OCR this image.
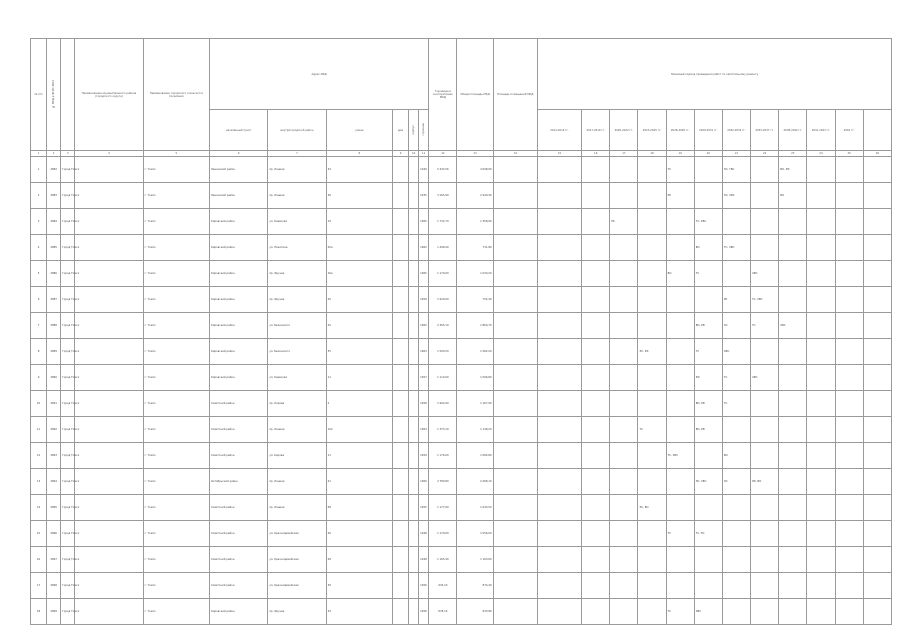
№ п/п	№ МКД в ФГИС ЖКХ		Наименование муниципального района (городского округа)	Наименование городского (сельского) поселения	Адрес МКД						Год ввода в эксплуатацию МКД	Общая площадь МКД	Площадь помещений МКД	Плановый период проведения работ по капитальному ремонту											
					населённый пункт	внутригородской район	улица	дом	корпус	строение				2014-2016 гг.	2017-2019 гг.	2020-2022 гг.	2023-2025 гг.	2026-2028 гг.	2029-2031 гг.	2032-2034 гг.	2035-2037 гг.	2038-2040 гг.	2041-2043 гг.	2044 гг.	
1	2	3	4	5	6	7	8	9	10	11	12	13	14	15	16	17	18	19	20	21	22	23	24	25	26
1	2882	Город Томск		г. Томск	Ленинский район	пр. Ленина	34			1940	5 432,56	4 098,90						ТС		ЭС, ГВС		ВО, РФ			
2	2883	Город Томск		г. Томск	Ленинский район	пр. Ленина	36			1935	3 165,90	2 940,40						РК		ЭС, ХВС		ВО			
3	2884	Город Томск		г. Томск	Кировский район	ул. Киевская	19			1965	1 732,70	1 358,90				РК			ТС, ХВС						
4	2885	Город Томск		г. Томск	Кировский район	ул. Никитина	20а			1962	1 498,40	731,80							ВО	ТС, ХВС					
5	2886	Город Томск		г. Томск	Кировский район	пр. Фрунзе	16а			1965	1 170,00	1 030,20						ВО	ТС		ХВС				
6	2887	Город Томск		г. Томск	Кировский район	пр. Фрунзе	20			1959	1 920,00	752,40								РК	ТС, ХВС				
7	2888	Город Томск		г. Томск	Кировский район	ул. Белинского	25			1962	2 365,10	1 860,70							ВО, РФ	ЭС	ТС	ХВС			
8	2889	Город Томск		г. Томск	Кировский район	ул. Белинского	35			1963	1 500,50	1 282,20					ЭС, РФ		ТС	ХВС					
9	2890	Город Томск		г. Томск	Кировский район	ул. Киевская	11			1957	1 110,00	1 096,80							РФ	ТС	ХВС				
10	2891	Город Томск		г. Томск	Советский район	пр. Кирова	2			1958	1 904,90	1 167,90							ВО, РФ	ТС					
11	2892	Город Томск		г. Томск	Советский район	пр. Ленина	102			1964	1 373,10	1 148,20					ТС		ВО, РФ						
12	2893	Город Томск		г. Томск	Советский район	ул. Кирова	11			1959	1 176,00	1 082,80						ТС, ХВС		ВО					
13	2894	Город Томск		г. Томск	Октябрьский район	пр. Ленина	41			1960	2 780,80	2 268,10							ЭС, ХВС	ЭС	РФ, ВО				
14	2895	Город Томск		г. Томск	Советский район	пр. Ленина	58			1955	1 177,60	1 043,50					ЭС, ВО								
15	2896	Город Томск		г. Томск	Советский район	ул. Красноармейская	26			1948	1 170,00	1 056,00						ТС	ТС, ЭС						
16	2897	Город Томск		г. Томск	Советский район	ул. Красноармейская	28			1948	1 165,40	1 163,60													
17	2898	Город Томск		г. Томск	Советский район	ул. Красноармейская	30			1956	934,10	874,40													
18	2899	Город Томск		г. Томск	Кировский район	пр. Фрунзе	34			1956	878,10	633,80						ТС	ХВС						
